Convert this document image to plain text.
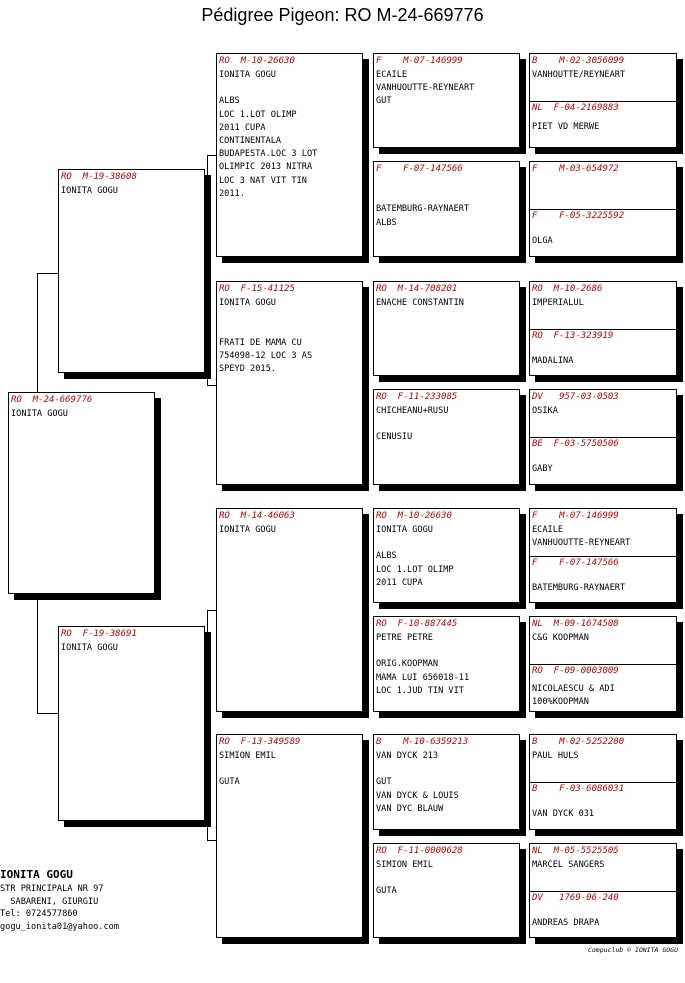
Pédigree Pigeon: RO M-24-669776
RO  M-24-669776
IONITA GOGU
RO  M-19-38608
IONITA GOGU
RO  F-19-38691
IONITA GOGU
RO  M-10-26630
IONITA GOGU

ALBS
LOC 1.LOT OLIMP
2011 CUPA
CONTINENTALA
BUDAPESTA.LOC 3 LOT
OLIMPIC 2013 NITRA
LOC 3 NAT VIT TIN
2011.
RO  F-15-41125
IONITA GOGU

FRATI DE MAMA CU
754098-12 LOC 3 AS
SPEYD 2015.
RO  M-14-46063
IONITA GOGU
RO  F-13-349589
SIMION EMIL

GUTA
F    M-07-146999
ECAILE
VANHUOUTTE-REYNEART
GUT
F    F-07-147566

BATEMBURG-RAYNAERT
ALBS
RO  M-14-708201
ENACHE CONSTANTIN
RO  F-11-233085
CHICHEANU+RUSU

CENUSIU
RO  M-10-26630
IONITA GOGU

ALBS
LOC 1.LOT OLIMP
2011 CUPA
RO  F-10-887445
PETRE PETRE

ORIG.KOOPMAN
MAMA LUI 656018-11
LOC 1.JUD TIN VIT
B    M-10-6359213
VAN DYCK 213

GUT
VAN DYCK & LOUIS
VAN DYC BLAUW
RO  F-11-0000628
SIMION EMIL

GUTA
B    M-02-3056099
VANHOUTTE/REYNEART
NL  F-04-2169883
PIET VD MERWE
F    M-03-654972
F    F-05-3225592

OLGA
RO  M-10-2686
IMPERIALUL
RO  F-13-323919

MADALINA
DV   957-03-0503
OSIKA
BE  F-03-5750506

GABY
F    M-07-146999
ECAILE
VANHUOUTTE-REYNEART
F    F-07-147566

BATEMBURG-RAYNAERT
NL  M-09-1674508
C&G KOOPMAN
RO  F-09-0003009
NICOLAESCU & ADI
100%KOOPMAN
B    M-02-5252200
PAUL HULS
B    F-03-6086031

VAN DYCK 031
NL  M-05-5525505
MARCEL SANGERS
DV   1769-06-240

ANDREAS DRAPA
IONITA GOGU
STR PRINCIPALA NR 97
SABARENI, GIURGIU
Tel: 0724577860
gogu_ionita01@yahoo.com
Compuclub © IONITA GOGU
